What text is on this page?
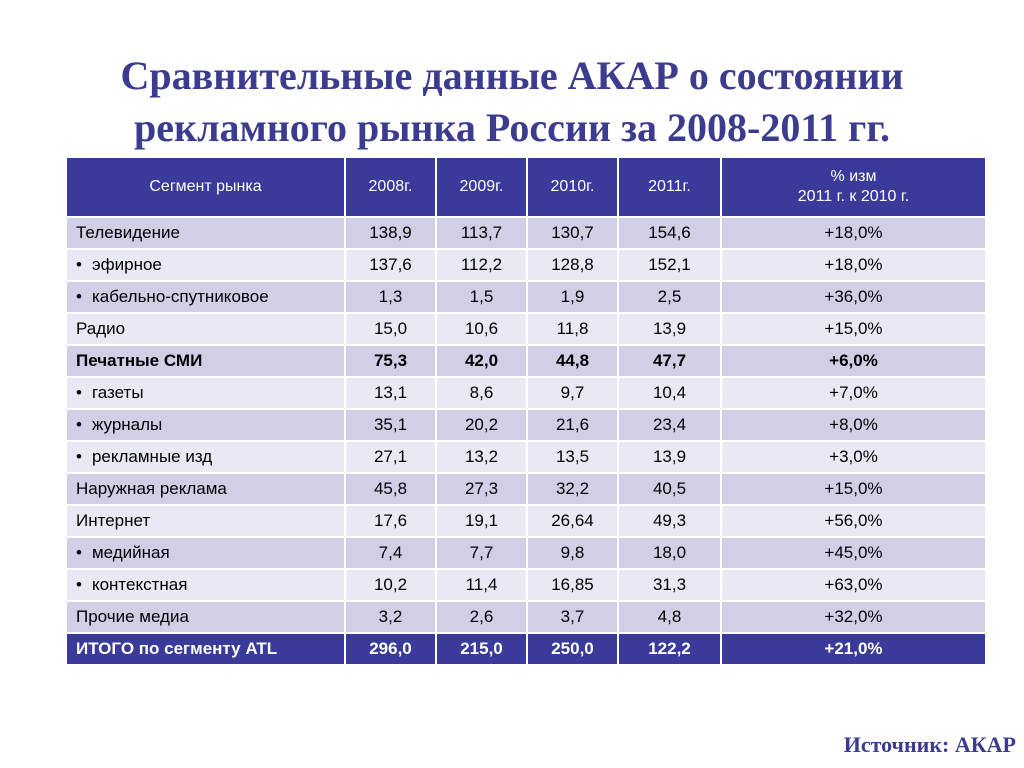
Сравнительные данные АКАР о состоянии
рекламного рынка России за 2008-2011 гг.
Сегмент рынка	2008г.	2009г.	2010г.	2011г.	% изм
2011 г. к 2010 г.
Телевидение	138,9	113,7	130,7	154,6	+18,0%
• эфирное	137,6	112,2	128,8	152,1	+18,0%
• кабельно-спутниковое	1,3	1,5	1,9	2,5	+36,0%
Радио	15,0	10,6	11,8	13,9	+15,0%
Печатные СМИ	75,3	42,0	44,8	47,7	+6,0%
• газеты	13,1	8,6	9,7	10,4	+7,0%
• журналы	35,1	20,2	21,6	23,4	+8,0%
• рекламные изд	27,1	13,2	13,5	13,9	+3,0%
Наружная реклама	45,8	27,3	32,2	40,5	+15,0%
Интернет	17,6	19,1	26,64	49,3	+56,0%
• медийная	7,4	7,7	9,8	18,0	+45,0%
• контекстная	10,2	11,4	16,85	31,3	+63,0%
Прочие медиа	3,2	2,6	3,7	4,8	+32,0%
ИТОГО по сегменту ATL	296,0	215,0	250,0	122,2	+21,0%
Источник: АКАР
